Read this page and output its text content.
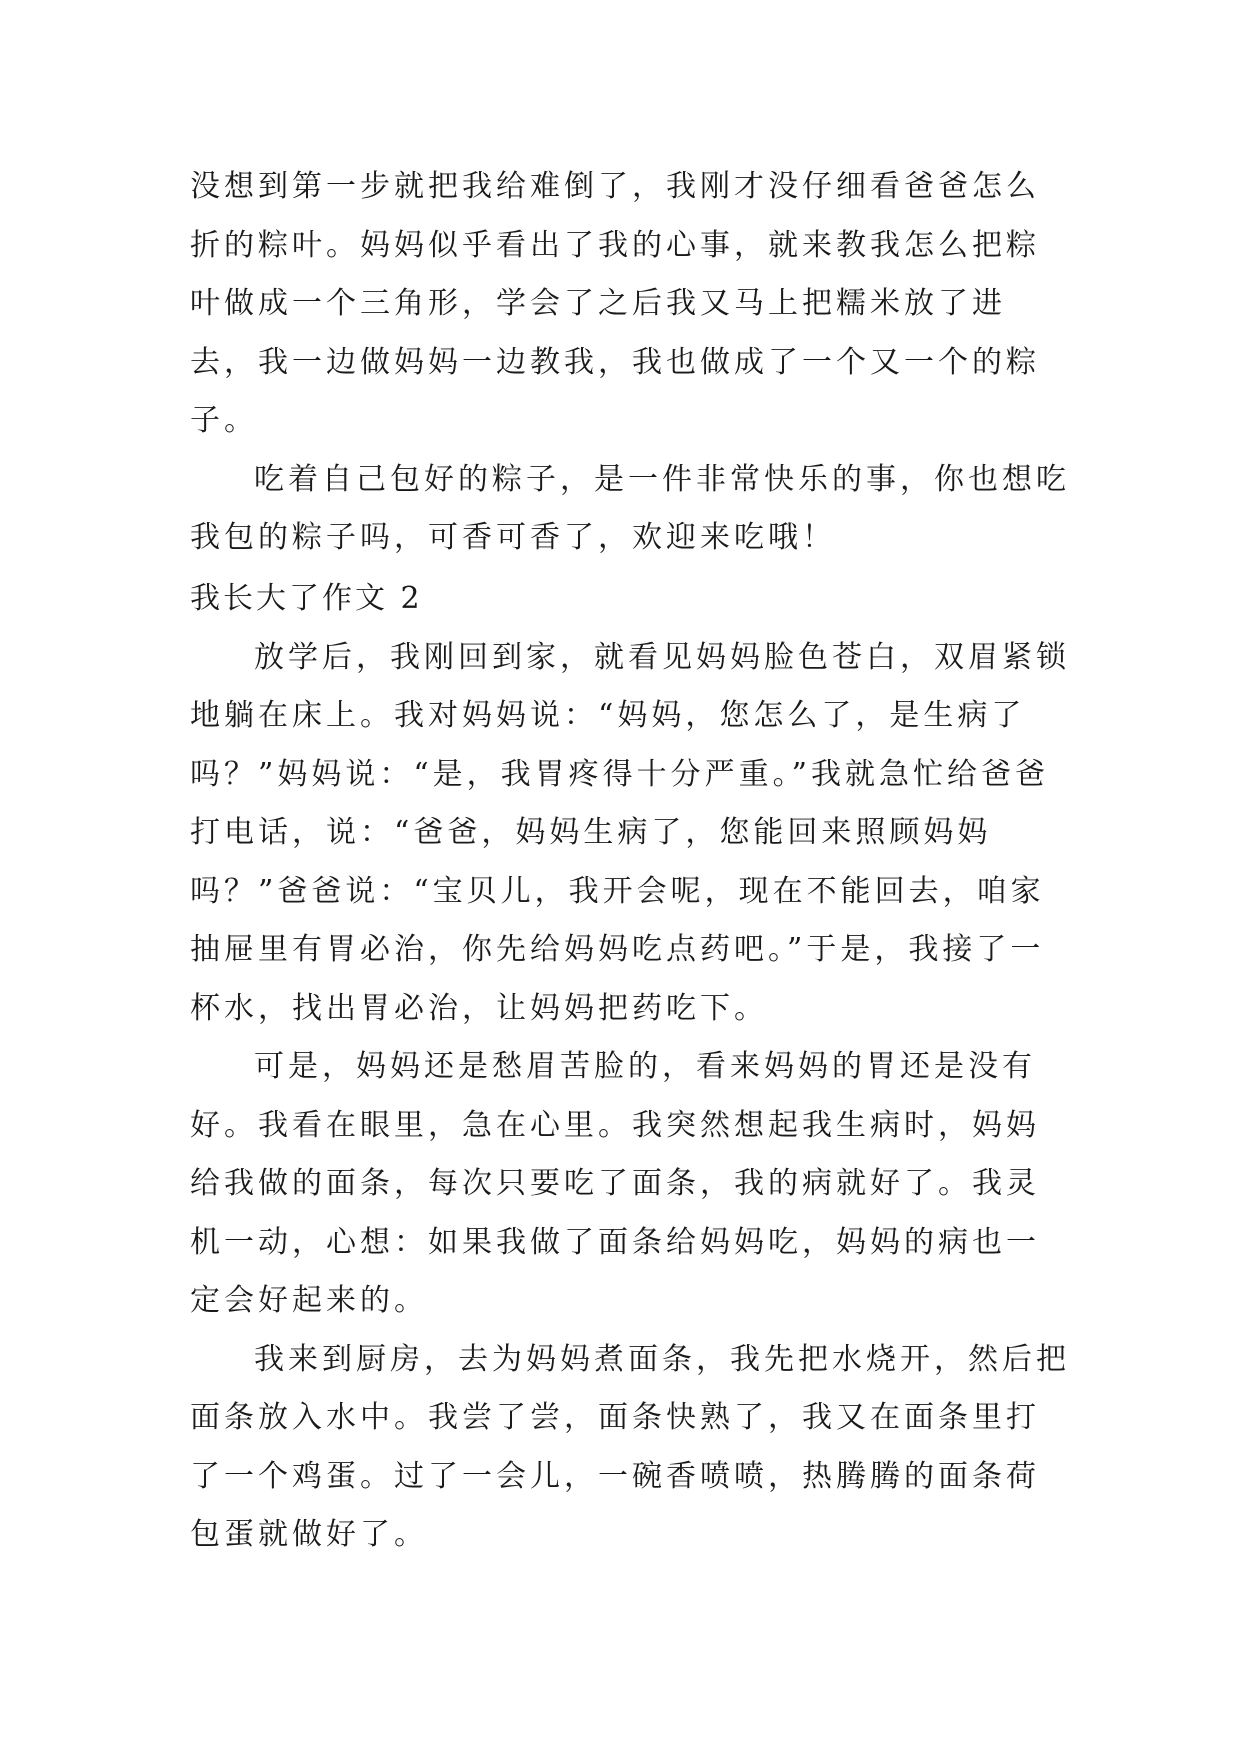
没想到第一步就把我给难倒了，我刚才没仔细看爸爸怎么折的粽叶。妈妈似乎看出了我的心事，就来教我怎么把粽叶做成一个三角形，学会了之后我又马上把糯米放了进去，我一边做妈妈一边教我，我也做成了一个又一个的粽子。

吃着自己包好的粽子，是一件非常快乐的事，你也想吃我包的粽子吗，可香可香了，欢迎来吃哦！

我长大了作文 2

放学后，我刚回到家，就看见妈妈脸色苍白，双眉紧锁地躺在床上。我对妈妈说：“妈妈，您怎么了，是生病了吗？”妈妈说：“是，我胃疼得十分严重。”我就急忙给爸爸打电话，说：“爸爸，妈妈生病了，您能回来照顾妈妈吗？”爸爸说：“宝贝儿，我开会呢，现在不能回去，咱家抽屉里有胃必治，你先给妈妈吃点药吧。”于是，我接了一杯水，找出胃必治，让妈妈把药吃下。

可是，妈妈还是愁眉苦脸的，看来妈妈的胃还是没有好。我看在眼里，急在心里。我突然想起我生病时，妈妈给我做的面条，每次只要吃了面条，我的病就好了。我灵机一动，心想：如果我做了面条给妈妈吃，妈妈的病也一定会好起来的。

我来到厨房，去为妈妈煮面条，我先把水烧开，然后把面条放入水中。我尝了尝，面条快熟了，我又在面条里打了一个鸡蛋。过了一会儿，一碗香喷喷，热腾腾的面条荷包蛋就做好了。
